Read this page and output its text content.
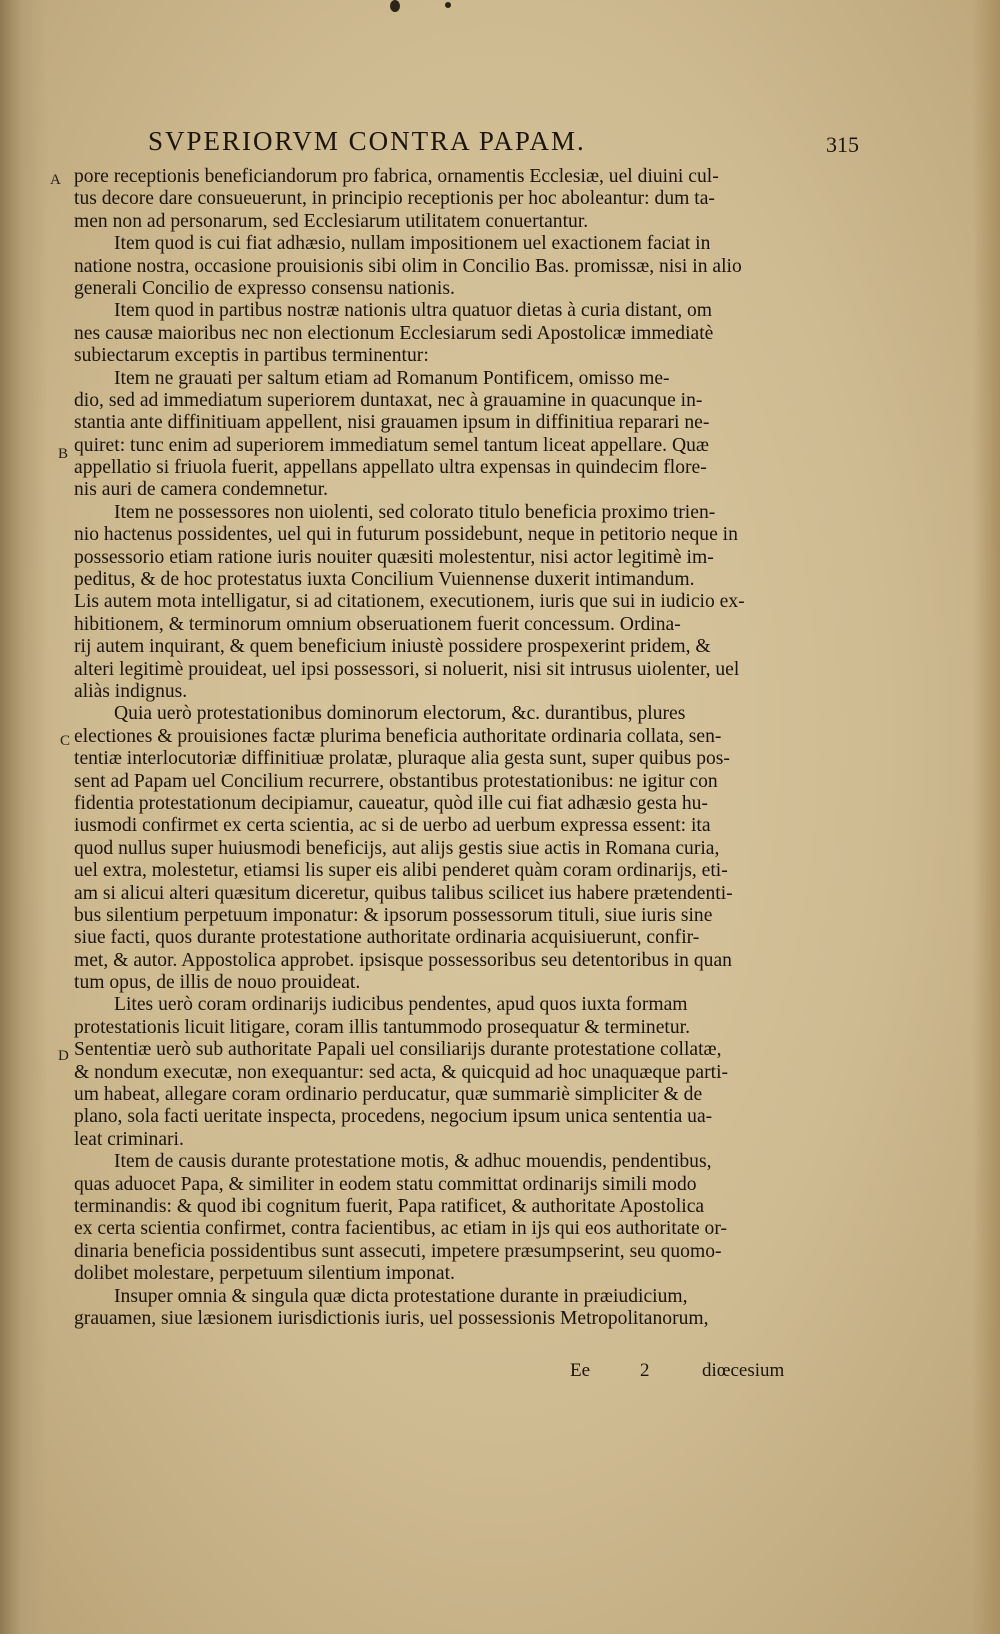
SVPERIORVM CONTRA PAPAM.	315
A
B
C
D
pore receptionis beneficiandorum pro fabrica, ornamentis Ecclesiæ, uel diuini cul-
tus decore dare consueuerunt, in principio receptionis per hoc aboleantur: dum ta-
men non ad personarum, sed Ecclesiarum utilitatem conuertantur.
Item quod is cui fiat adhæsio, nullam impositionem uel exactionem faciat in
natione nostra, occasione prouisionis sibi olim in Concilio Bas. promissæ, nisi in alio
generali Concilio de expresso consensu nationis.
Item quod in partibus nostræ nationis ultra quatuor dietas à curia distant, om
nes causæ maioribus nec non electionum Ecclesiarum sedi Apostolicæ immediatè
subiectarum exceptis in partibus terminentur:
Item ne grauati per saltum etiam ad Romanum Pontificem, omisso me-
dio, sed ad immediatum superiorem duntaxat, nec à grauamine in quacunque in-
stantia ante diffinitiuam appellent, nisi grauamen ipsum in diffinitiua reparari ne-
quiret: tunc enim ad superiorem immediatum semel tantum liceat appellare. Quæ
appellatio si friuola fuerit, appellans appellato ultra expensas in quindecim flore-
nis auri de camera condemnetur.
Item ne possessores non uiolenti, sed colorato titulo beneficia proximo trien-
nio hactenus possidentes, uel qui in futurum possidebunt, neque in petitorio neque in
possessorio etiam ratione iuris nouiter quæsiti molestentur, nisi actor legitimè im-
peditus, & de hoc protestatus iuxta Concilium Vuiennense duxerit intimandum.
Lis autem mota intelligatur, si ad citationem, executionem, iuris que sui in iudicio ex-
hibitionem, & terminorum omnium obseruationem fuerit concessum. Ordina-
rij autem inquirant, & quem beneficium iniustè possidere prospexerint pridem, &
alteri legitimè prouideat, uel ipsi possessori, si noluerit, nisi sit intrusus uiolenter, uel
aliàs indignus.
Quia uerò protestationibus dominorum electorum, &c. durantibus, plures
electiones & prouisiones factæ plurima beneficia authoritate ordinaria collata, sen-
tentiæ interlocutoriæ diffinitiuæ prolatæ, pluraque alia gesta sunt, super quibus pos-
sent ad Papam uel Concilium recurrere, obstantibus protestationibus: ne igitur con
fidentia protestationum decipiamur, caueatur, quòd ille cui fiat adhæsio gesta hu-
iusmodi confirmet ex certa scientia, ac si de uerbo ad uerbum expressa essent: ita
quod nullus super huiusmodi beneficijs, aut alijs gestis siue actis in Romana curia,
uel extra, molestetur, etiamsi lis super eis alibi penderet quàm coram ordinarijs, eti-
am si alicui alteri quæsitum diceretur, quibus talibus scilicet ius habere prætendenti-
bus silentium perpetuum imponatur: & ipsorum possessorum tituli, siue iuris sine
siue facti, quos durante protestatione authoritate ordinaria acquisiuerunt, confir-
met, & autor. Appostolica approbet. ipsisque possessoribus seu detentoribus in quan
tum opus, de illis de nouo prouideat.
Lites uerò coram ordinarijs iudicibus pendentes, apud quos iuxta formam
protestationis licuit litigare, coram illis tantummodo prosequatur & terminetur.
Sententiæ uerò sub authoritate Papali uel consiliarijs durante protestatione collatæ,
& nondum executæ, non exequantur: sed acta, & quicquid ad hoc unaquæque parti-
um habeat, allegare coram ordinario perducatur, quæ summariè simpliciter & de
plano, sola facti ueritate inspecta, procedens, negocium ipsum unica sententia ua-
leat criminari.
Item de causis durante protestatione motis, & adhuc mouendis, pendentibus,
quas aduocet Papa, & similiter in eodem statu committat ordinarijs simili modo
terminandis: & quod ibi cognitum fuerit, Papa ratificet, & authoritate Apostolica
ex certa scientia confirmet, contra facientibus, ac etiam in ijs qui eos authoritate or-
dinaria beneficia possidentibus sunt assecuti, impetere præsumpserint, seu quomo-
dolibet molestare, perpetuum silentium imponat.
Insuper omnia & singula quæ dicta protestatione durante in præiudicium,
grauamen, siue læsionem iurisdictionis iuris, uel possessionis Metropolitanorum,
Ee	2	diœcesium
